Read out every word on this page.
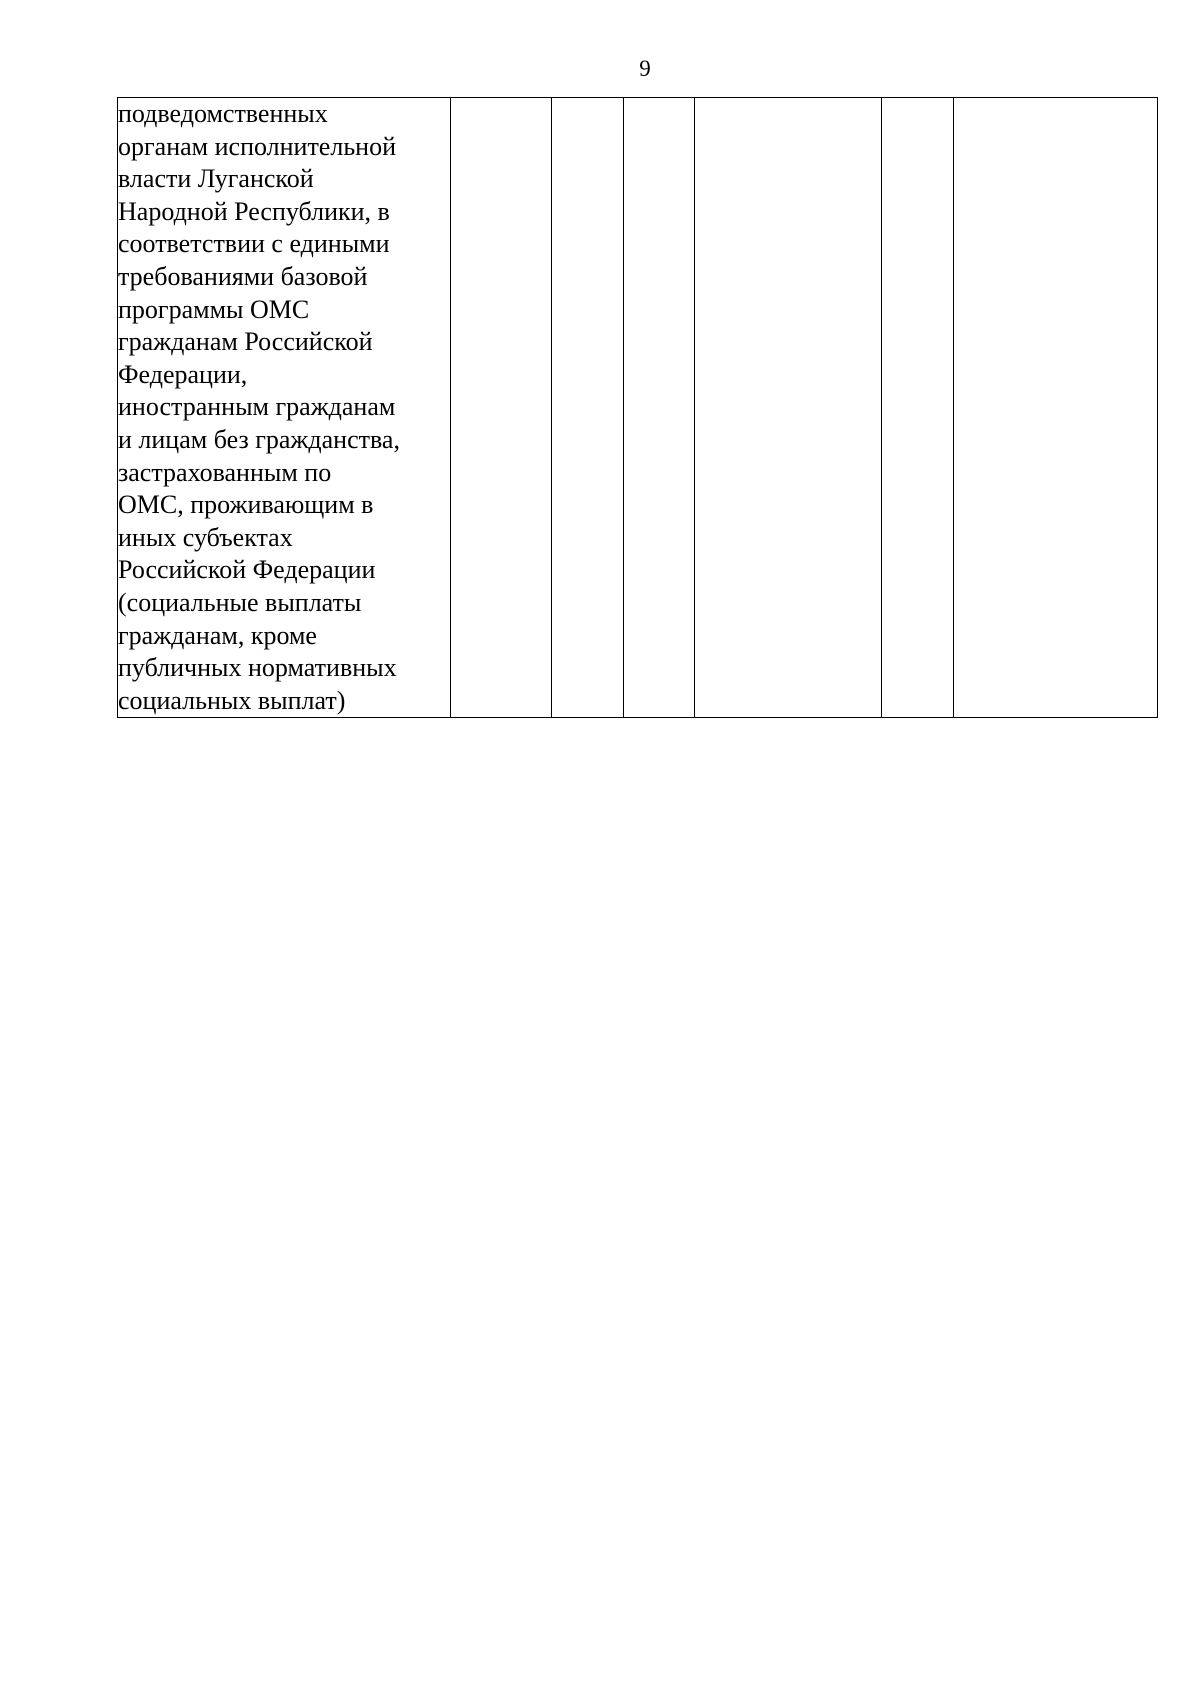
9
подведомственных
органам исполнительной
власти Луганской
Народной Республики, в
соответствии с едиными
требованиями базовой
программы ОМС
гражданам Российской
Федерации,
иностранным гражданам
и лицам без гражданства,
застрахованным по
ОМС, проживающим в
иных субъектах
Российской Федерации
(социальные выплаты
гражданам, кроме
публичных нормативных
социальных выплат)
